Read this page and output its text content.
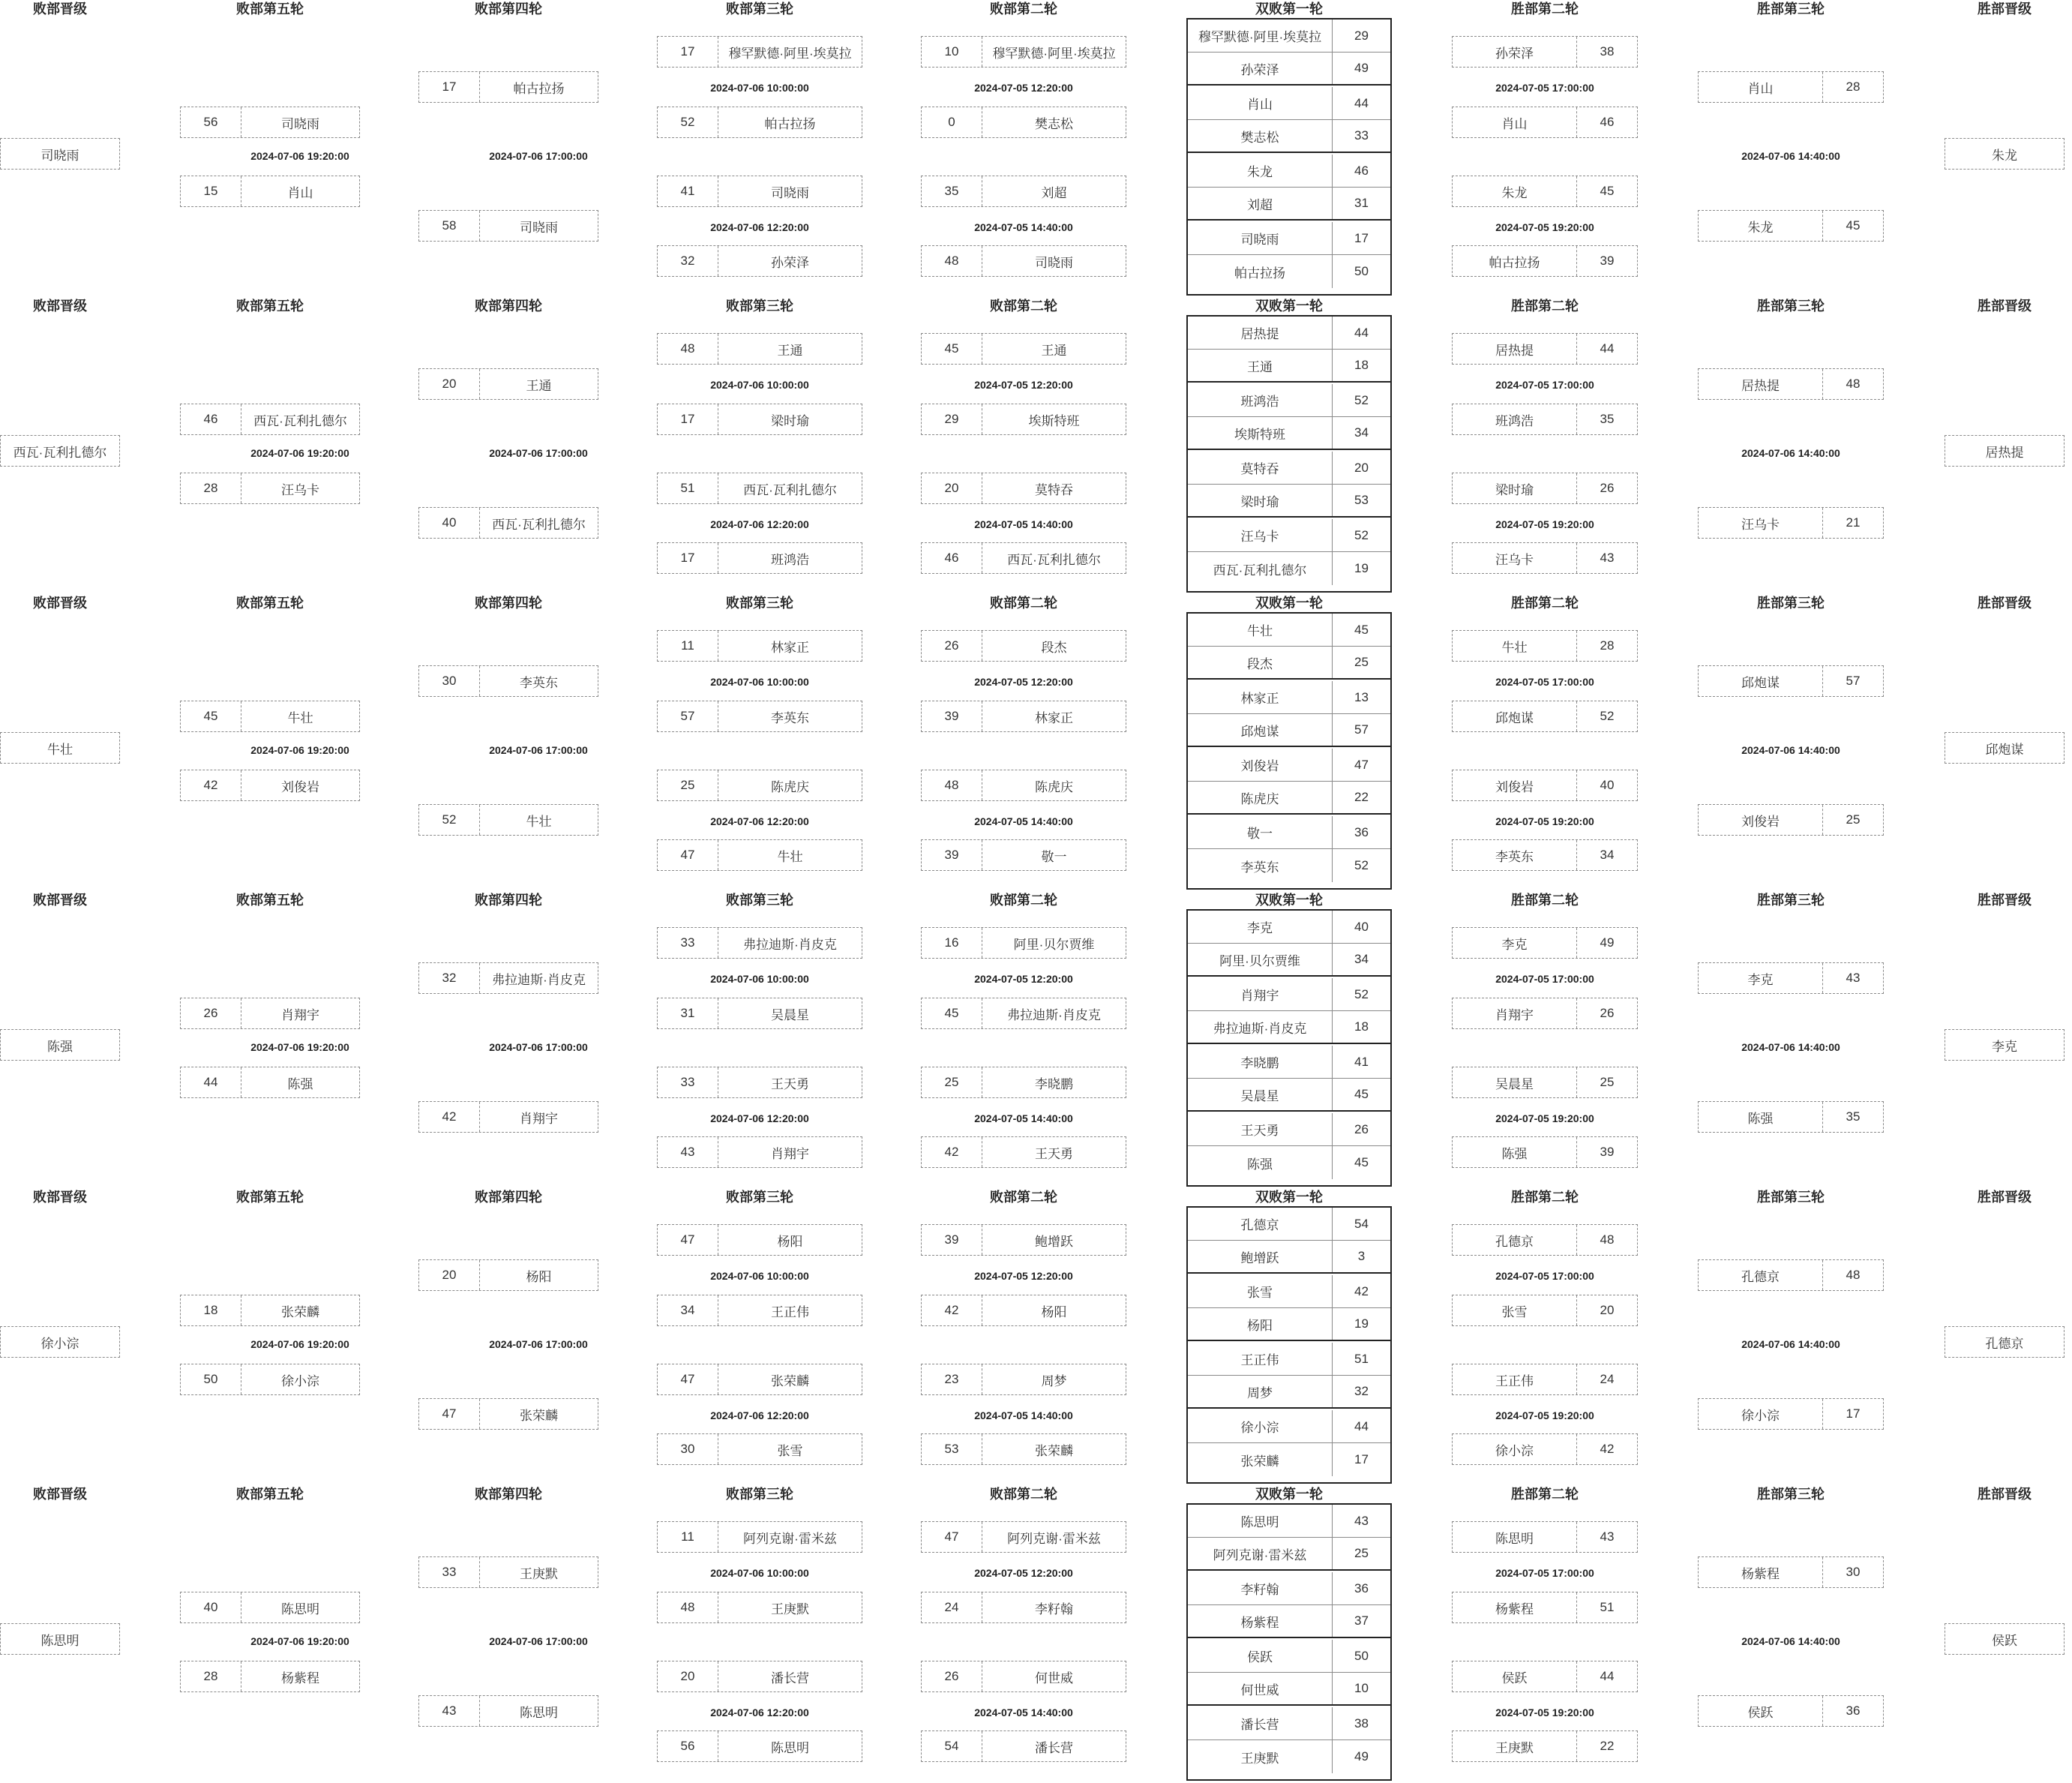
败部晋级	败部第五轮	败部第四轮	败部第三轮	败部第二轮	双败第一轮	胜部第二轮	胜部第三轮	胜部晋级
司晓雨
56	司晓雨
2024-07-06 19:20:00
15	肖山
17	帕古拉扬
2024-07-06 17:00:00
58	司晓雨
17	穆罕默德·阿里·埃莫拉
2024-07-06 10:00:00
52	帕古拉扬
41	司晓雨
2024-07-06 12:20:00
32	孙荣泽
10	穆罕默德·阿里·埃莫拉
2024-07-05 12:20:00
0	樊志松
35	刘超
2024-07-05 14:40:00
48	司晓雨
穆罕默德·阿里·埃莫拉	29
孙荣泽	49
肖山	44
樊志松	33
朱龙	46
刘超	31
司晓雨	17
帕古拉扬	50
孙荣泽	38
2024-07-05 17:00:00
肖山	46
朱龙	45
2024-07-05 19:20:00
帕古拉扬	39
肖山	28
2024-07-06 14:40:00
朱龙	45
朱龙
败部晋级	败部第五轮	败部第四轮	败部第三轮	败部第二轮	双败第一轮	胜部第二轮	胜部第三轮	胜部晋级
西瓦·瓦利扎德尔
46	西瓦·瓦利扎德尔
2024-07-06 19:20:00
28	汪乌卡
20	王通
2024-07-06 17:00:00
40	西瓦·瓦利扎德尔
48	王通
2024-07-06 10:00:00
17	梁时瑜
51	西瓦·瓦利扎德尔
2024-07-06 12:20:00
17	班鸿浩
45	王通
2024-07-05 12:20:00
29	埃斯特班
20	莫特吞
2024-07-05 14:40:00
46	西瓦·瓦利扎德尔
居热提	44
王通	18
班鸿浩	52
埃斯特班	34
莫特吞	20
梁时瑜	53
汪乌卡	52
西瓦·瓦利扎德尔	19
居热提	44
2024-07-05 17:00:00
班鸿浩	35
梁时瑜	26
2024-07-05 19:20:00
汪乌卡	43
居热提	48
2024-07-06 14:40:00
汪乌卡	21
居热提
败部晋级	败部第五轮	败部第四轮	败部第三轮	败部第二轮	双败第一轮	胜部第二轮	胜部第三轮	胜部晋级
牛壮
45	牛壮
2024-07-06 19:20:00
42	刘俊岩
30	李英东
2024-07-06 17:00:00
52	牛壮
11	林家正
2024-07-06 10:00:00
57	李英东
25	陈虎庆
2024-07-06 12:20:00
47	牛壮
26	段杰
2024-07-05 12:20:00
39	林家正
48	陈虎庆
2024-07-05 14:40:00
39	敬一
牛壮	45
段杰	25
林家正	13
邱炮谋	57
刘俊岩	47
陈虎庆	22
敬一	36
李英东	52
牛壮	28
2024-07-05 17:00:00
邱炮谋	52
刘俊岩	40
2024-07-05 19:20:00
李英东	34
邱炮谋	57
2024-07-06 14:40:00
刘俊岩	25
邱炮谋
败部晋级	败部第五轮	败部第四轮	败部第三轮	败部第二轮	双败第一轮	胜部第二轮	胜部第三轮	胜部晋级
陈强
26	肖翔宇
2024-07-06 19:20:00
44	陈强
32	弗拉迪斯·肖皮克
2024-07-06 17:00:00
42	肖翔宇
33	弗拉迪斯·肖皮克
2024-07-06 10:00:00
31	吴晨星
33	王天勇
2024-07-06 12:20:00
43	肖翔宇
16	阿里·贝尔贾维
2024-07-05 12:20:00
45	弗拉迪斯·肖皮克
25	李晓鹏
2024-07-05 14:40:00
42	王天勇
李克	40
阿里·贝尔贾维	34
肖翔宇	52
弗拉迪斯·肖皮克	18
李晓鹏	41
吴晨星	45
王天勇	26
陈强	45
李克	49
2024-07-05 17:00:00
肖翔宇	26
吴晨星	25
2024-07-05 19:20:00
陈强	39
李克	43
2024-07-06 14:40:00
陈强	35
李克
败部晋级	败部第五轮	败部第四轮	败部第三轮	败部第二轮	双败第一轮	胜部第二轮	胜部第三轮	胜部晋级
徐小淙
18	张荣麟
2024-07-06 19:20:00
50	徐小淙
20	杨阳
2024-07-06 17:00:00
47	张荣麟
47	杨阳
2024-07-06 10:00:00
34	王正伟
47	张荣麟
2024-07-06 12:20:00
30	张雪
39	鲍增跃
2024-07-05 12:20:00
42	杨阳
23	周梦
2024-07-05 14:40:00
53	张荣麟
孔德京	54
鲍增跃	3
张雪	42
杨阳	19
王正伟	51
周梦	32
徐小淙	44
张荣麟	17
孔德京	48
2024-07-05 17:00:00
张雪	20
王正伟	24
2024-07-05 19:20:00
徐小淙	42
孔德京	48
2024-07-06 14:40:00
徐小淙	17
孔德京
败部晋级	败部第五轮	败部第四轮	败部第三轮	败部第二轮	双败第一轮	胜部第二轮	胜部第三轮	胜部晋级
陈思明
40	陈思明
2024-07-06 19:20:00
28	杨紫程
33	王庚默
2024-07-06 17:00:00
43	陈思明
11	阿列克谢·雷米兹
2024-07-06 10:00:00
48	王庚默
20	潘长营
2024-07-06 12:20:00
56	陈思明
47	阿列克谢·雷米兹
2024-07-05 12:20:00
24	李籽翰
26	何世威
2024-07-05 14:40:00
54	潘长营
陈思明	43
阿列克谢·雷米兹	25
李籽翰	36
杨紫程	37
侯跃	50
何世威	10
潘长营	38
王庚默	49
陈思明	43
2024-07-05 17:00:00
杨紫程	51
侯跃	44
2024-07-05 19:20:00
王庚默	22
杨紫程	30
2024-07-06 14:40:00
侯跃	36
侯跃
